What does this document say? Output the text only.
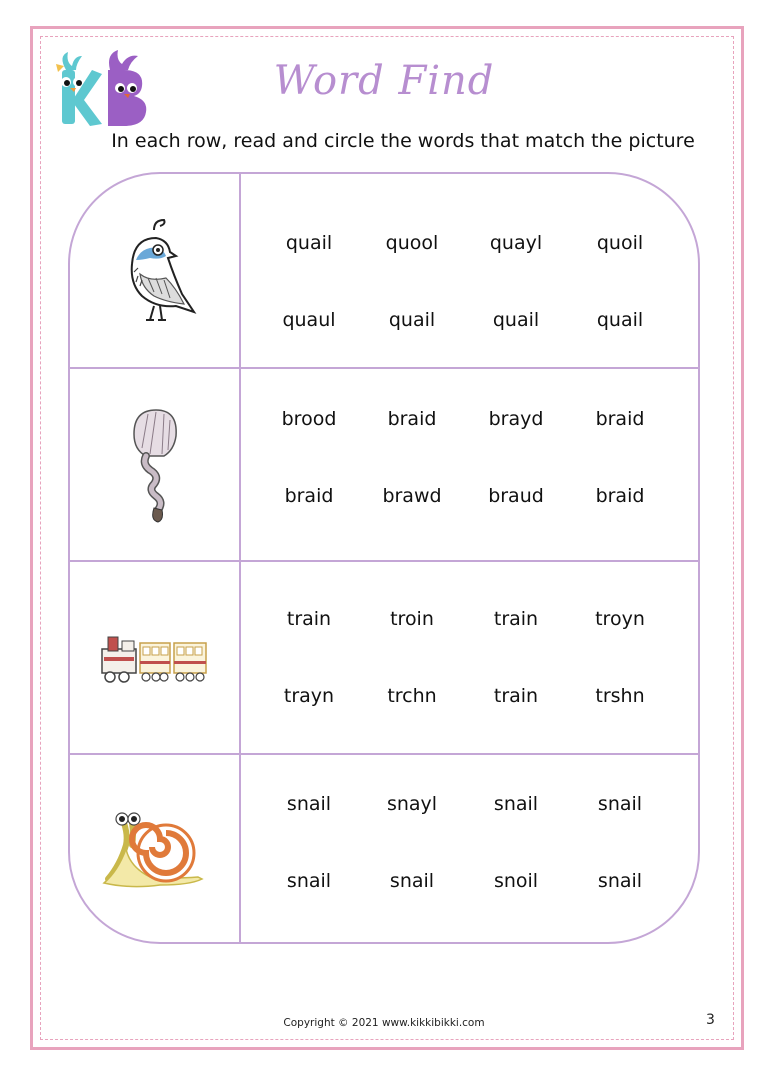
Word Find
In each row, read and circle the words that match the picture
quail	quool	quayl	quoil
quaul	quail	quail	quail
brood	braid	brayd	braid
braid	brawd	braud	braid
train	troin	train	troyn
trayn	trchn	train	trshn
snail	snayl	snail	snail
snail	snail	snoil	snail
Copyright © 2021 www.kikkibikki.com	3
